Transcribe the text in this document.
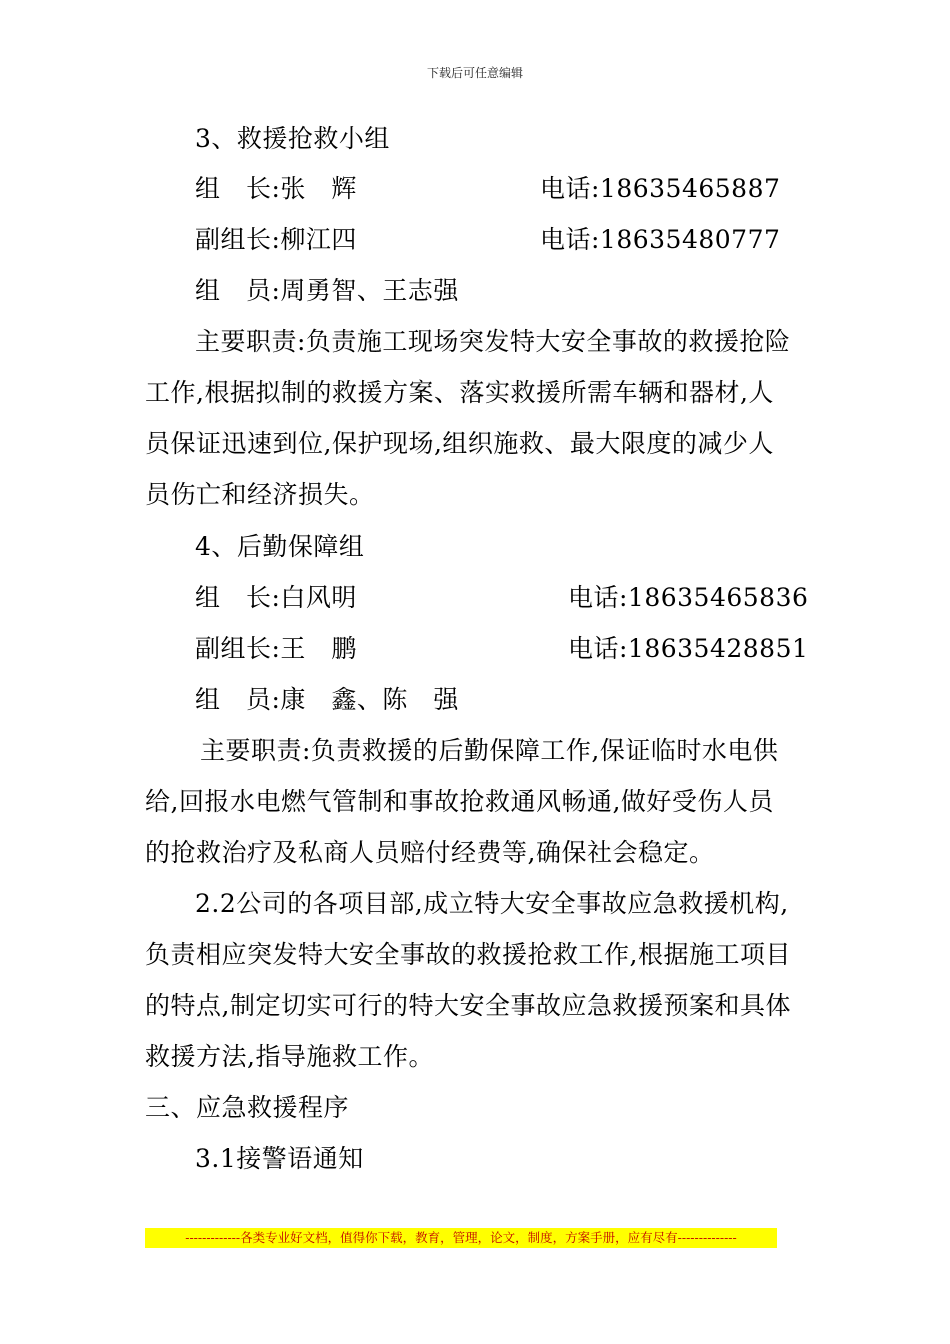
下载后可任意编辑
3、救援抢救小组
组　长:张　辉	电话:18635465887
副组长:柳江四	电话:18635480777
组　员:周勇智、王志强
主要职责:负责施工现场突发特大安全事故的救援抢险
工作,根据拟制的救援方案、落实救援所需车辆和器材,人
员保证迅速到位,保护现场,组织施救、最大限度的减少人
员伤亡和经济损失。
4、后勤保障组
组　长:白风明	电话:18635465836
副组长:王　鹏	电话:18635428851
组　员:康　鑫、陈　强
主要职责:负责救援的后勤保障工作,保证临时水电供
给,回报水电燃气管制和事故抢救通风畅通,做好受伤人员
的抢救治疗及私商人员赔付经费等,确保社会稳定。
2.2公司的各项目部,成立特大安全事故应急救援机构,
负责相应突发特大安全事故的救援抢救工作,根据施工项目
的特点,制定切实可行的特大安全事故应急救援预案和具体
救援方法,指导施救工作。
三、应急救援程序
3.1接警语通知
-------------各类专业好文档，值得你下载，教育，管理，论文，制度，方案手册，应有尽有--------------
